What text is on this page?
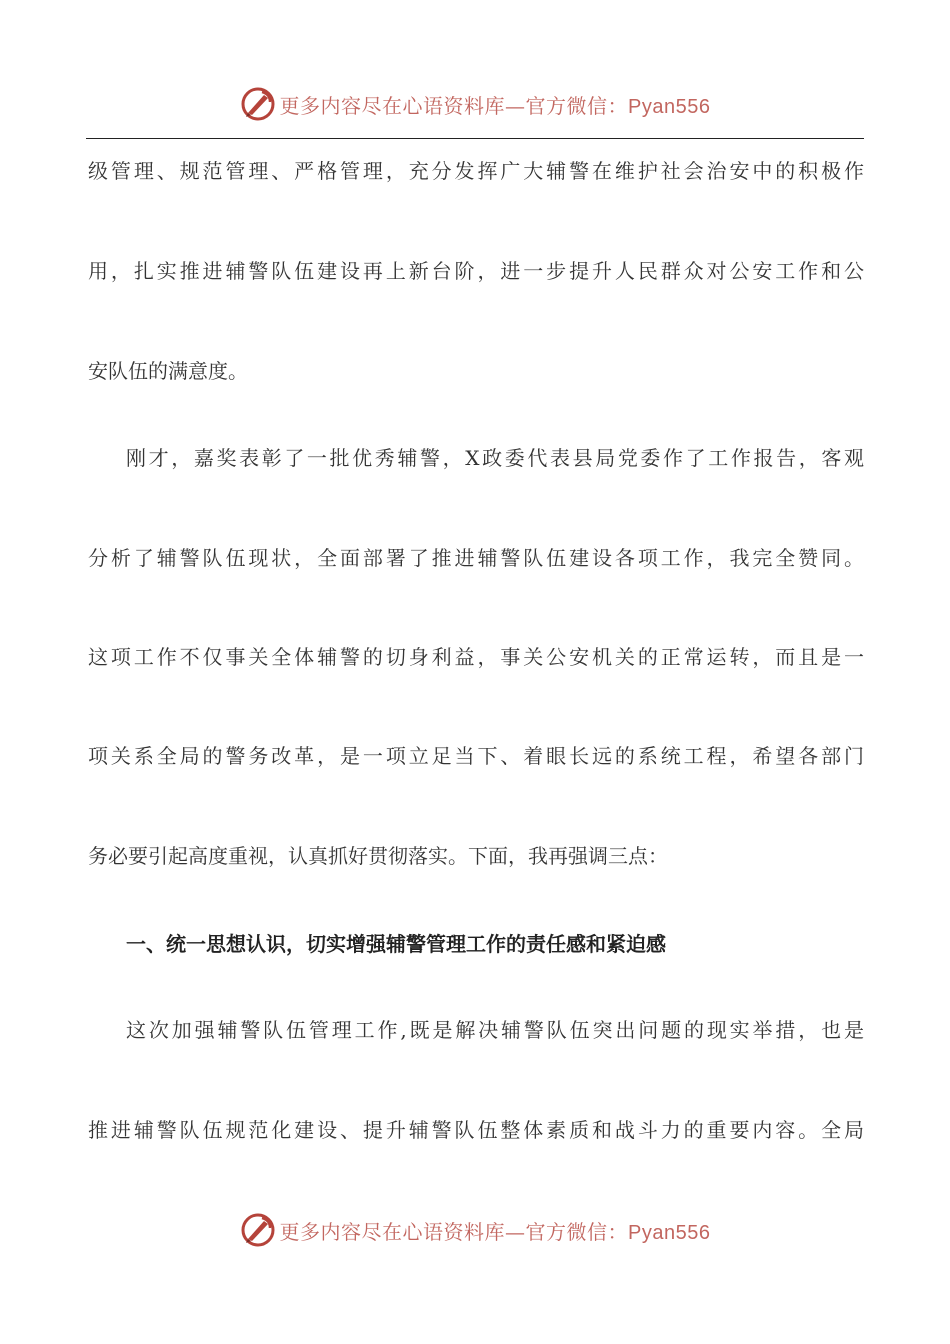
更多内容尽在心语资料库—官方微信：Pyan556
级管理、规范管理、严格管理，充分发挥广大辅警在维护社会治安中的积极作
用，扎实推进辅警队伍建设再上新台阶，进一步提升人民群众对公安工作和公
安队伍的满意度。
刚才，嘉奖表彰了一批优秀辅警，X政委代表县局党委作了工作报告，客观
分析了辅警队伍现状，全面部署了推进辅警队伍建设各项工作，我完全赞同。
这项工作不仅事关全体辅警的切身利益，事关公安机关的正常运转，而且是一
项关系全局的警务改革，是一项立足当下、着眼长远的系统工程，希望各部门
务必要引起高度重视，认真抓好贯彻落实。下面，我再强调三点：
一、统一思想认识，切实增强辅警管理工作的责任感和紧迫感
这次加强辅警队伍管理工作,既是解决辅警队伍突出问题的现实举措，也是
推进辅警队伍规范化建设、提升辅警队伍整体素质和战斗力的重要内容。全局
更多内容尽在心语资料库—官方微信：Pyan556
